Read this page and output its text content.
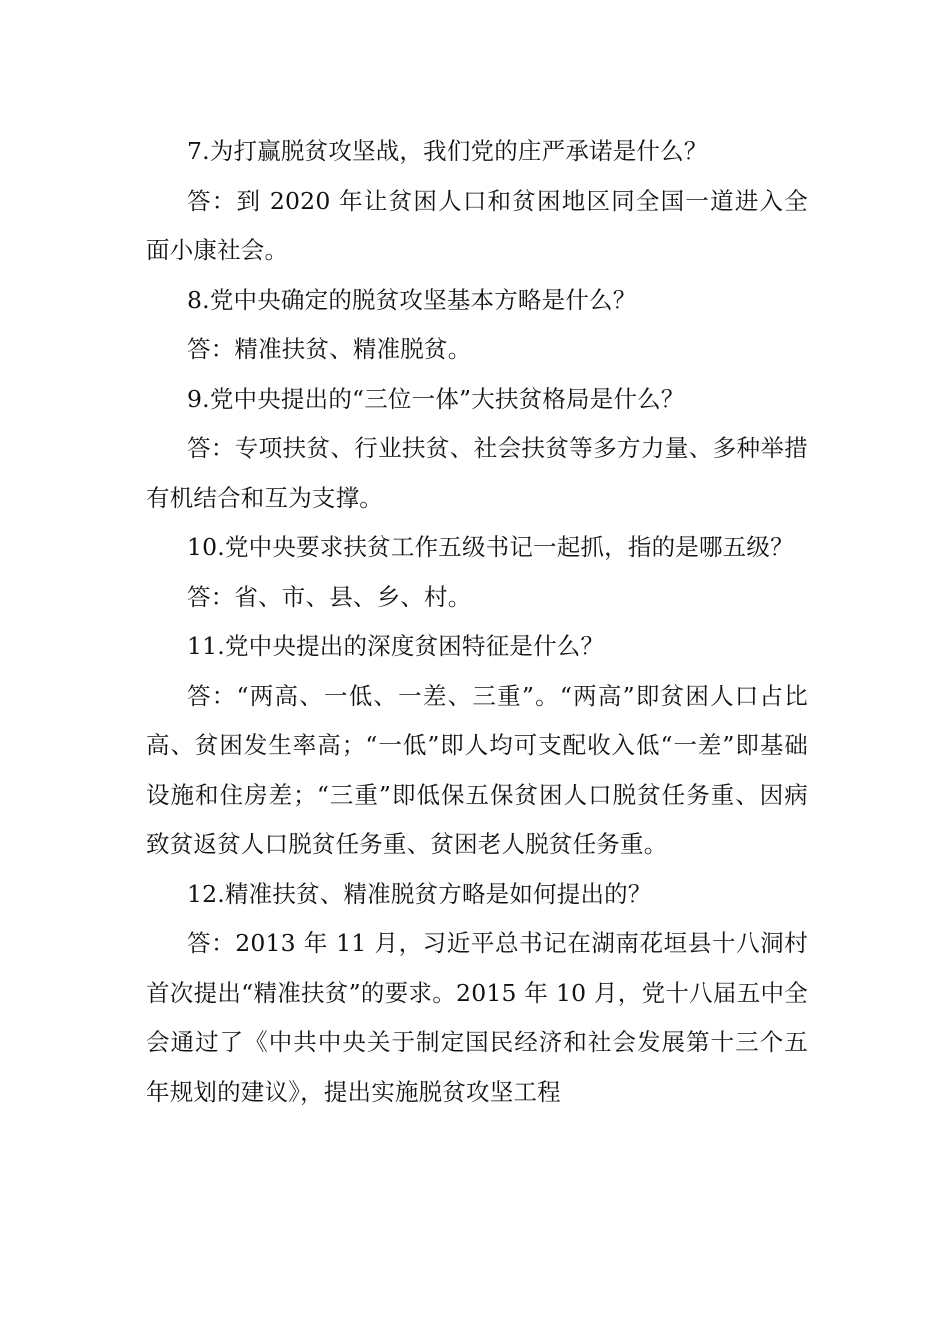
7.为打赢脱贫攻坚战，我们党的庄严承诺是什么？

答：到 2020 年让贫困人口和贫困地区同全国一道进入全面小康社会。

8.党中央确定的脱贫攻坚基本方略是什么？

答：精准扶贫、精准脱贫。

9.党中央提出的“三位一体”大扶贫格局是什么？

答：专项扶贫、行业扶贫、社会扶贫等多方力量、多种举措有机结合和互为支撑。

10.党中央要求扶贫工作五级书记一起抓，指的是哪五级？

答：省、市、县、乡、村。

11.党中央提出的深度贫困特征是什么？

答：“两高、一低、一差、三重”。“两高”即贫困人口占比高、贫困发生率高；“一低”即人均可支配收入低“一差”即基础设施和住房差；“三重”即低保五保贫困人口脱贫任务重、因病致贫返贫人口脱贫任务重、贫困老人脱贫任务重。

12.精准扶贫、精准脱贫方略是如何提出的？

答：2013 年 11 月，习近平总书记在湖南花垣县十八洞村首次提出“精准扶贫”的要求。2015 年 10 月，党十八届五中全会通过了《中共中央关于制定国民经济和社会发展第十三个五年规划的建议》，提出实施脱贫攻坚工程
